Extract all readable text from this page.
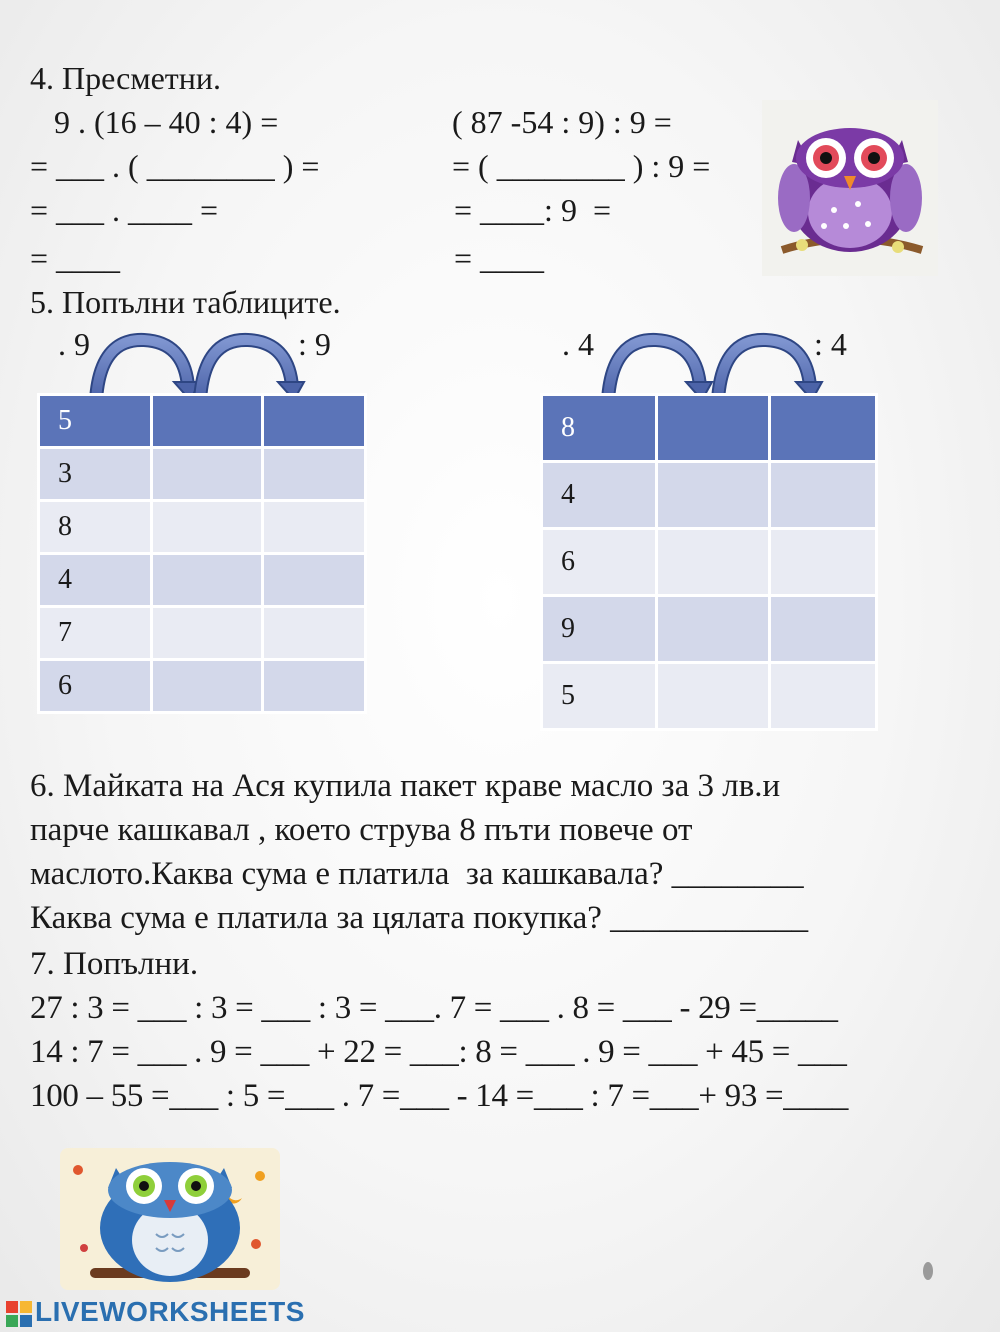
4. Пресметни.
9 . (16 – 40 : 4) =
= ___ . ( ________ ) =
= ___ . ____ =
= ____
( 87 -54 : 9) : 9 =
= ( ________ ) : 9 =
= ____: 9  =
= ____
5. Попълни таблиците.
. 9	: 9	. 4	: 4
5		
3		
8		
4		
7		
6		
8		
4		
6		
9		
5		
6. Майката на Ася купила пакет краве масло за 3 лв.и
парче кашкавал , което струва 8 пъти повече от
маслото.Каква сума е платила  за кашкавала? ________
Каква сума е платила за цялата покупка? ____________
7. Попълни.
27 : 3 = ___ : 3 = ___ : 3 = ___. 7 = ___ . 8 = ___ - 29 =_____
14 : 7 = ___ . 9 = ___ + 22 = ___: 8 = ___ . 9 = ___ + 45 = ___
100 – 55 =___ : 5 =___ . 7 =___ - 14 =___ : 7 =___+ 93 =____
LIVEWORKSHEETS
